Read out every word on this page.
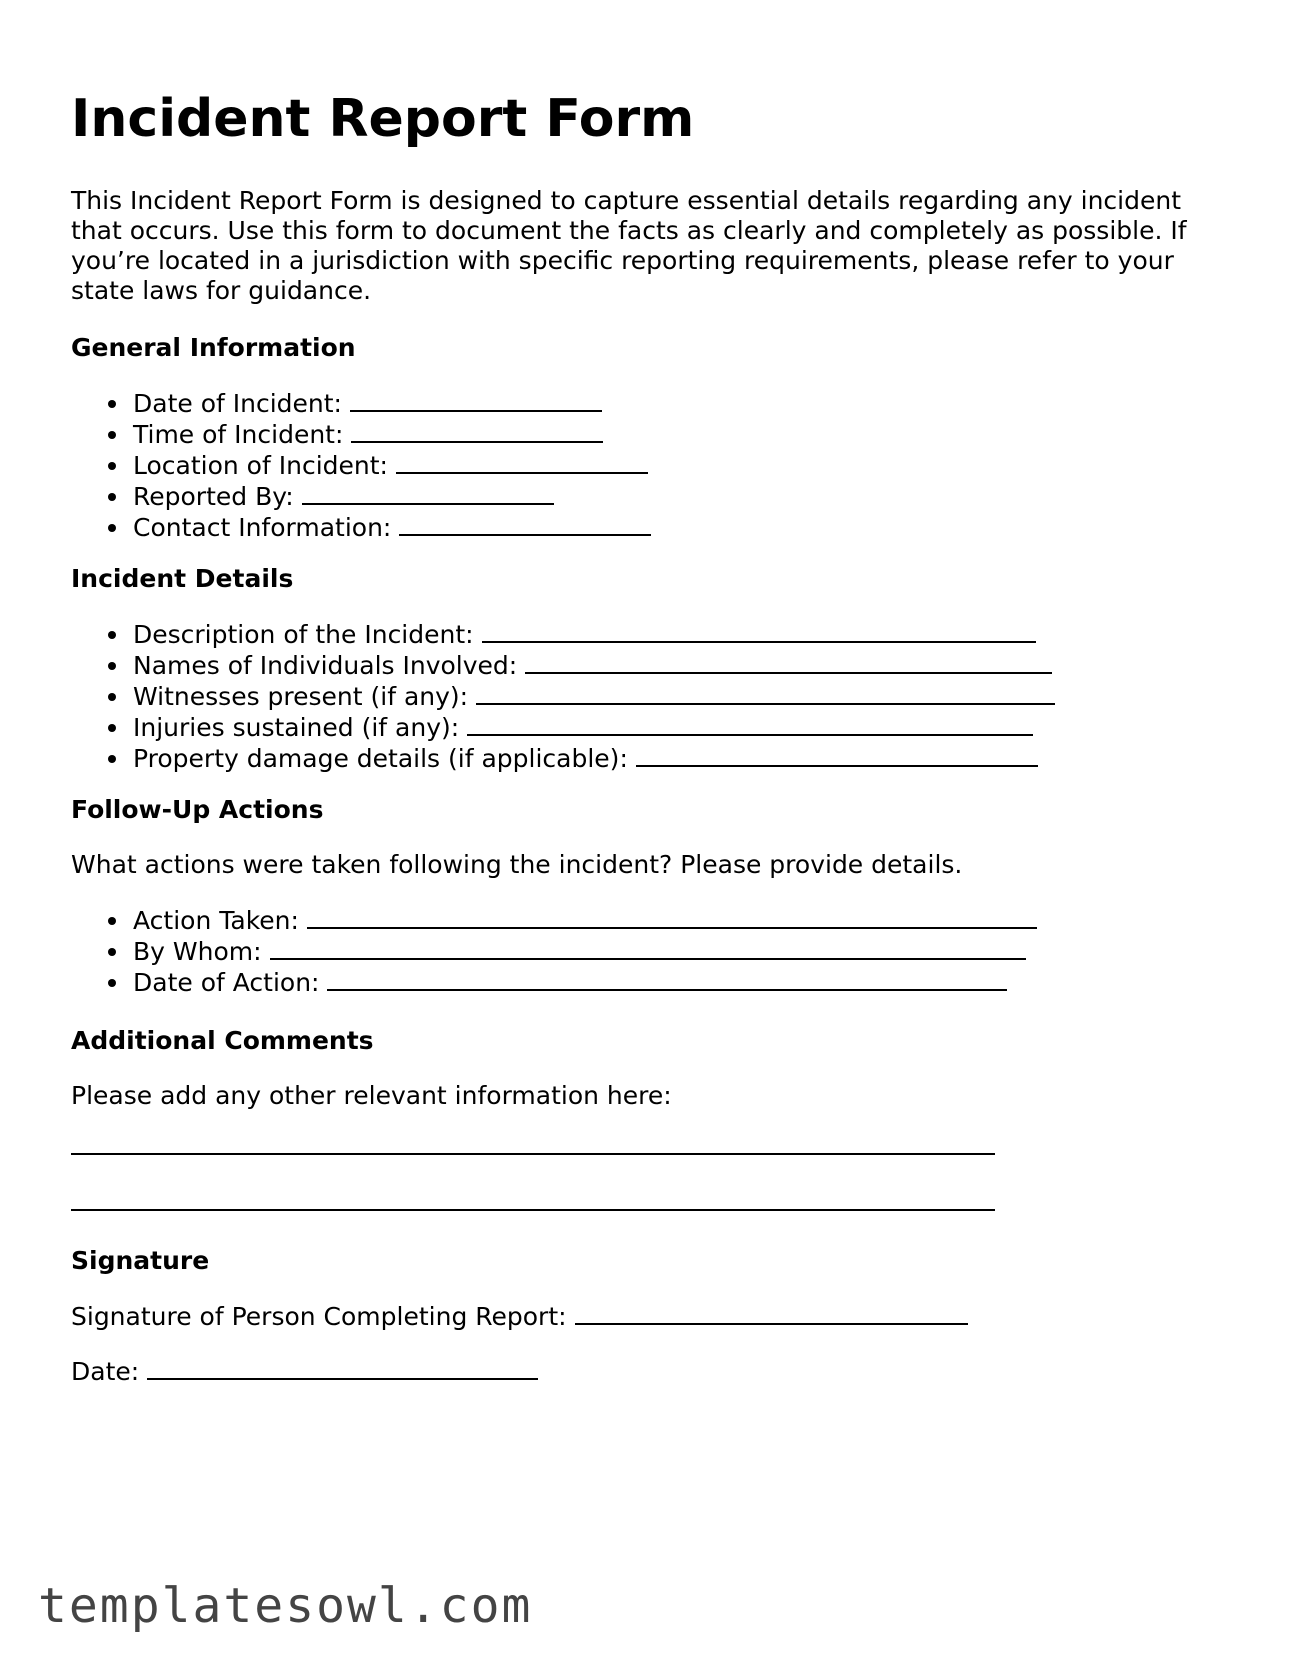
Incident Report Form

This Incident Report Form is designed to capture essential details regarding any incident that occurs. Use this form to document the facts as clearly and completely as possible. If you’re located in a jurisdiction with specific reporting requirements, please refer to your state laws for guidance.

General Information
Date of Incident:
Time of Incident:
Location of Incident:
Reported By:
Contact Information:
Incident Details
Description of the Incident:
Names of Individuals Involved:
Witnesses present (if any):
Injuries sustained (if any):
Property damage details (if applicable):
Follow-Up Actions

What actions were taken following the incident? Please provide details.

Action Taken:
By Whom:
Date of Action:
Additional Comments

Please add any other relevant information here:

Signature

Signature of Person Completing Report:

Date:

templatesowl.com
